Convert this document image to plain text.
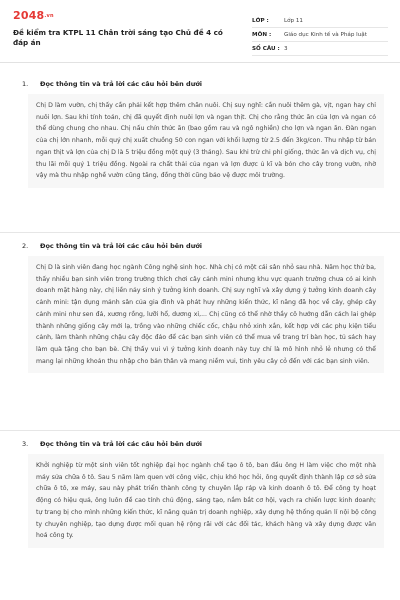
2048.vn
Đề kiểm tra KTPL 11 Chân trời sáng tạo Chủ đề 4 có đáp án
LỚP :	Lớp 11
MÔN :	Giáo dục Kinh tế và Pháp luật
SỐ CÂU : 3
1. Đọc thông tin và trả lời các câu hỏi bên dưới
Chị D làm vườn, chị thấy cần phải kết hợp thêm chăn nuôi. Chị suy nghĩ: cần nuôi thêm gà, vịt, ngan hay chỉ nuôi lợn. Sau khi tính toán, chị đã quyết định nuôi lợn và ngan thịt. Chị cho rằng thức ăn của lợn và ngan có thể dùng chung cho nhau. Chị nấu chín thức ăn (bao gồm rau và ngô nghiền) cho lợn và ngan ăn. Đàn ngan của chị lớn nhanh, mỗi quý chị xuất chuồng 50 con ngan với khối lượng từ 2.5 đến 3kg/con. Thu nhập từ bán ngan thịt và lợn của chị D là 5 triệu đồng một quý (3 tháng). Sau khi trừ chi phí giống, thức ăn và dịch vụ, chị thu lãi mỗi quý 1 triệu đồng. Ngoài ra chất thải của ngan và lợn được ủ kĩ và bón cho cây trong vườn, nhờ vậy mà thu nhập nghề vườn cũng tăng, đồng thời cũng bảo vệ được môi trường.
2. Đọc thông tin và trả lời các câu hỏi bên dưới
Chị D là sinh viên đang học ngành Công nghệ sinh học. Nhà chị có một cái sân nhỏ sau nhà. Năm học thứ ba, thấy nhiều bạn sinh viên trong trường thích chơi cây cảnh mini nhưng khu vực quanh trường chưa có ai kinh doanh mặt hàng này, chị liền nảy sinh ý tưởng kinh doanh. Chị suy nghĩ và xây dựng ý tưởng kinh doanh cây cảnh mini: tận dụng mảnh sân của gia đình và phát huy những kiến thức, kĩ năng đã học về cây, ghép cây cảnh mini như sen đá, xương rồng, lưỡi hổ, dương xỉ,... Chị cũng có thể nhờ thầy cô hướng dẫn cách lai ghép thành những giống cây mới lạ, trồng vào những chiếc cốc, chậu nhỏ xinh xắn, kết hợp với các phụ kiện tiểu cảnh, làm thành những chậu cây độc đáo để các bạn sinh viên có thể mua về trang trí bàn học, tủ sách hay làm quà tặng cho bạn bè. Chị thấy vui vì ý tưởng kinh doanh này tuy chỉ là mô hình nhỏ lẻ nhưng có thể mang lại những khoản thu nhập cho bản thân và mang niềm vui, tinh yêu cây cỏ đến với các bạn sinh viên.
3. Đọc thông tin và trả lời các câu hỏi bên dưới
Khởi nghiệp từ một sinh viên tốt nghiệp đại học ngành chế tạo ô tô, ban đầu ông H làm việc cho một nhà máy sửa chữa ô tô. Sau 5 năm làm quen với công việc, chịu khó học hỏi, ông quyết định thành lập cơ sở sửa chữa ô tô, xe máy, sau này phát triển thành công ty chuyên lắp ráp và kinh doanh ô tô. Để công ty hoạt động có hiệu quả, ông luôn đề cao tính chủ động, sáng tạo, nắm bắt cơ hội, vạch ra chiến lược kinh doanh; tự trang bị cho mình những kiến thức, kĩ năng quản trị doanh nghiệp, xây dựng hệ thống quản lí nội bộ công ty chuyên nghiệp, tạo dựng được mối quan hệ rộng rãi với các đối tác, khách hàng và xây dựng được văn hoá công ty.
